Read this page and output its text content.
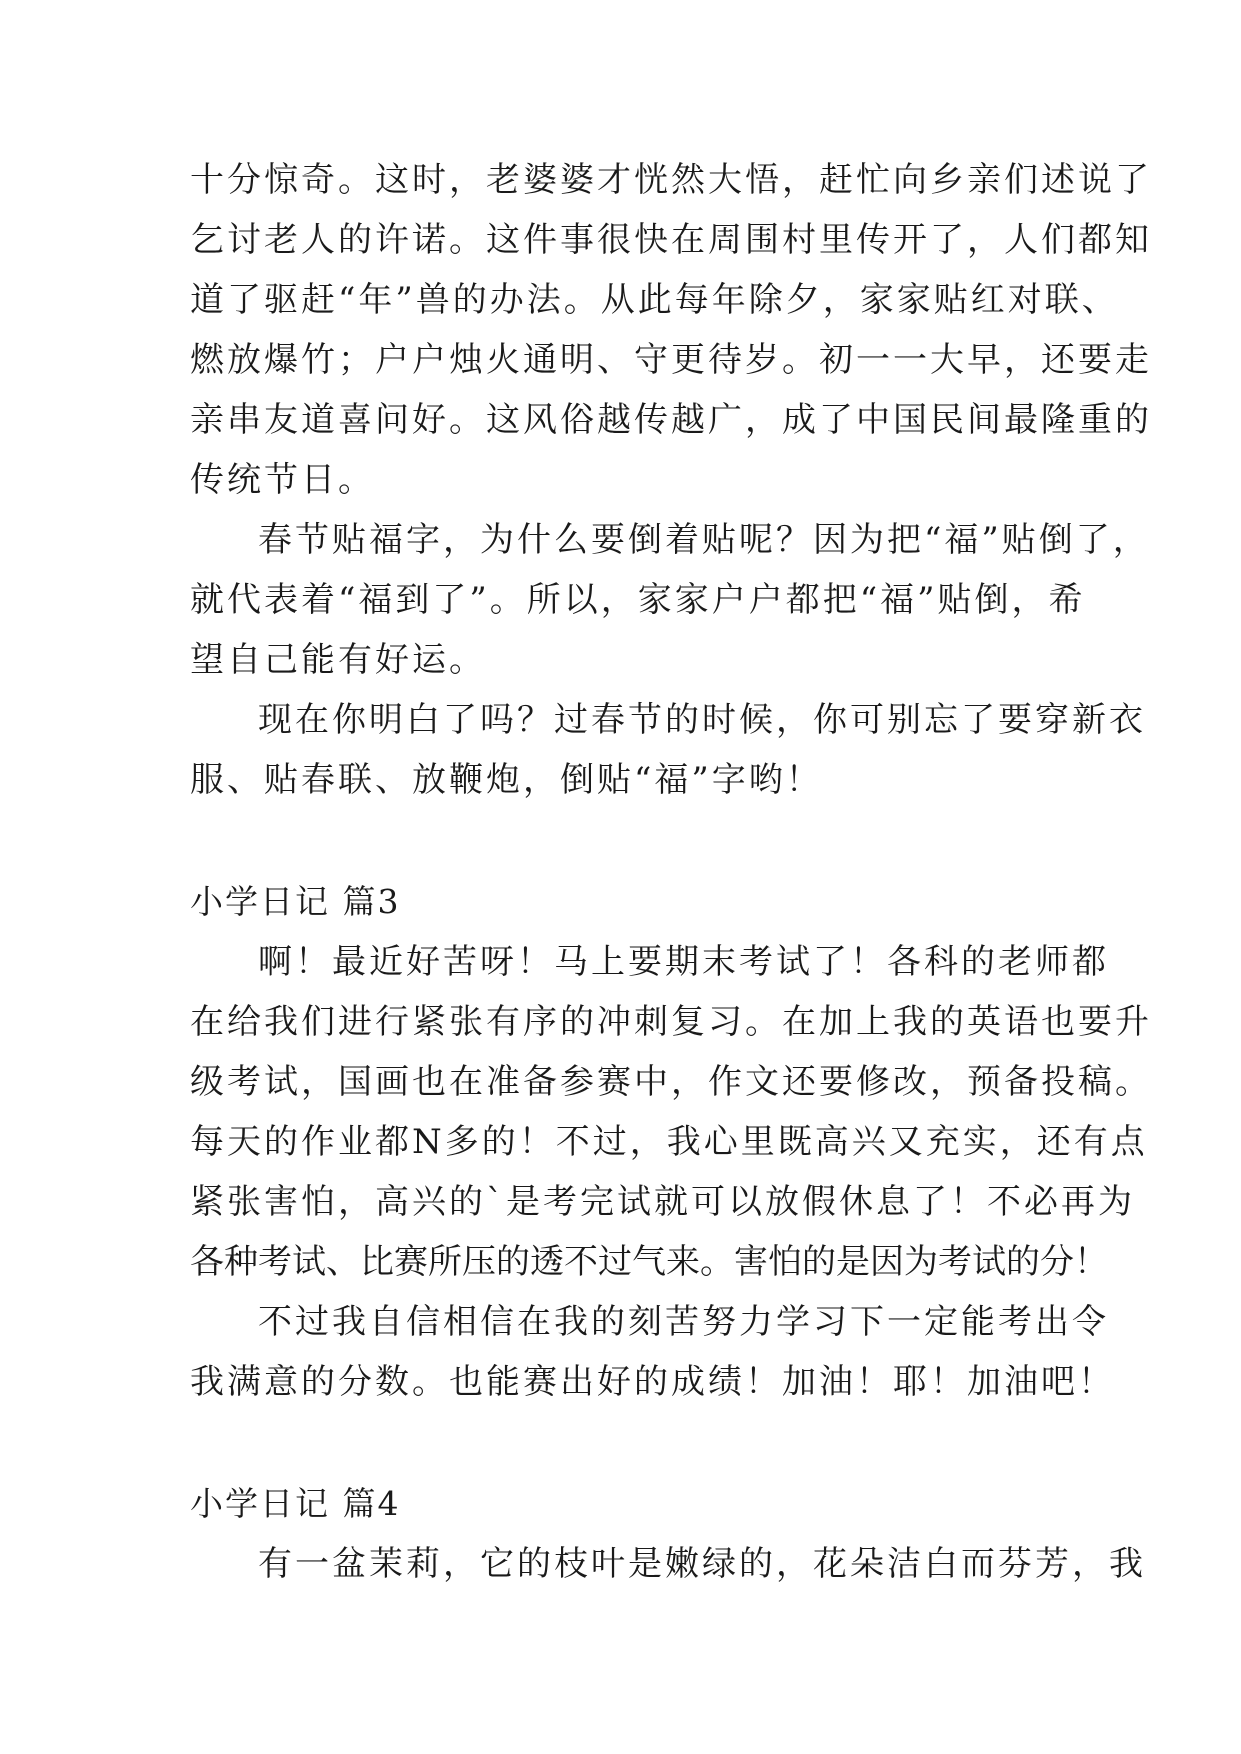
十分惊奇。这时，老婆婆才恍然大悟，赶忙向乡亲们述说了
乞讨老人的许诺。这件事很快在周围村里传开了，人们都知
道了驱赶“年”兽的办法。从此每年除夕，家家贴红对联、
燃放爆竹；户户烛火通明、守更待岁。初一一大早，还要走
亲串友道喜问好。这风俗越传越广，成了中国民间最隆重的
传统节日。
春节贴福字，为什么要倒着贴呢？因为把“福”贴倒了，
就代表着“福到了”。所以，家家户户都把“福”贴倒，希
望自己能有好运。
现在你明白了吗？过春节的时候，你可别忘了要穿新衣
服、贴春联、放鞭炮，倒贴“福”字哟！
小学日记 篇3
啊！最近好苦呀！马上要期末考试了！各科的老师都
在给我们进行紧张有序的冲刺复习。在加上我的英语也要升
级考试，国画也在准备参赛中，作文还要修改，预备投稿。
每天的作业都N多的！不过，我心里既高兴又充实，还有点
紧张害怕，高兴的`是考完试就可以放假休息了！不必再为
各种考试、比赛所压的透不过气来。害怕的是因为考试的分！
不过我自信相信在我的刻苦努力学习下一定能考出令
我满意的分数。也能赛出好的成绩！加油！耶！加油吧！
小学日记 篇4
有一盆茉莉，它的枝叶是嫩绿的，花朵洁白而芬芳，我
